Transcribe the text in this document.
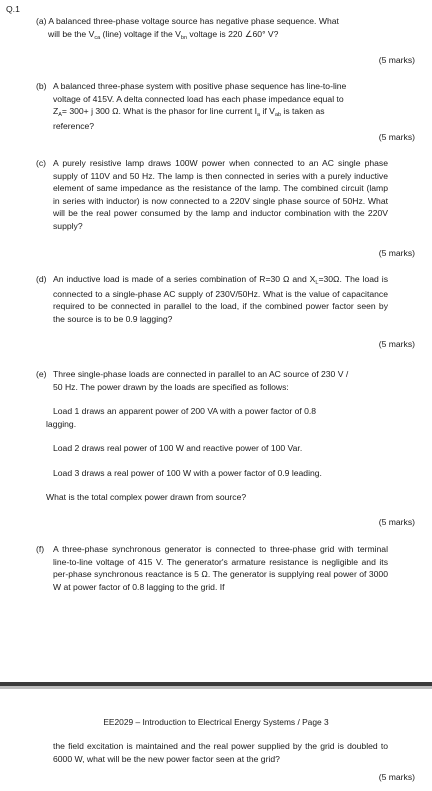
Q.1
(a) A balanced three-phase voltage source has negative phase sequence. What
will be the $V_{ca}$ (line) voltage if the $V_{bn}$ voltage is 220 ∠60° V?
(5 marks)
(b) A balanced three-phase system with positive phase sequence has line-to-line
voltage of 415V. A delta connected load has each phase impedance equal to
$Z_A= 300+ j$ 300 Ω. What is the phasor for line current $I_a$ if $V_{ab}$ is taken as
reference?
(5 marks)
(c) A purely resistive lamp draws 100W power when connected to an AC single phase supply of 110V and 50 Hz. The lamp is then connected in series with a purely inductive element of same impedance as the resistance of the lamp. The combined circuit (lamp in series with inductor) is now connected to a 220V single phase source of 50Hz. What will be the real power consumed by the lamp and inductor combination with the 220V supply?
(5 marks)
(d) An inductive load is made of a series combination of R=30 Ω and $X_L=30\Omega$. The load is connected to a single-phase AC supply of 230V/50Hz. What is the value of capacitance required to be connected in parallel to the load, if the combined power factor seen by the source is to be 0.9 lagging?
(5 marks)
(e) Three single-phase loads are connected in parallel to an AC source of 230 V /
50 Hz. The power drawn by the loads are specified as follows:
Load 1 draws an apparent power of 200 VA with a power factor of 0.8
lagging.
Load 2 draws real power of 100 W and reactive power of 100 Var.
Load 3 draws a real power of 100 W with a power factor of 0.9 leading.
What is the total complex power drawn from source?
(5 marks)
(f) A three-phase synchronous generator is connected to three-phase grid with terminal line-to-line voltage of 415 V. The generator's armature resistance is negligible and its per-phase synchronous reactance is 5 Ω. The generator is supplying real power of 3000 W at power factor of 0.8 lagging to the grid. If
EE2029 – Introduction to Electrical Energy Systems / Page 3
the field excitation is maintained and the real power supplied by the grid is doubled to 6000 W, what will be the new power factor seen at the grid?
(5 marks)
